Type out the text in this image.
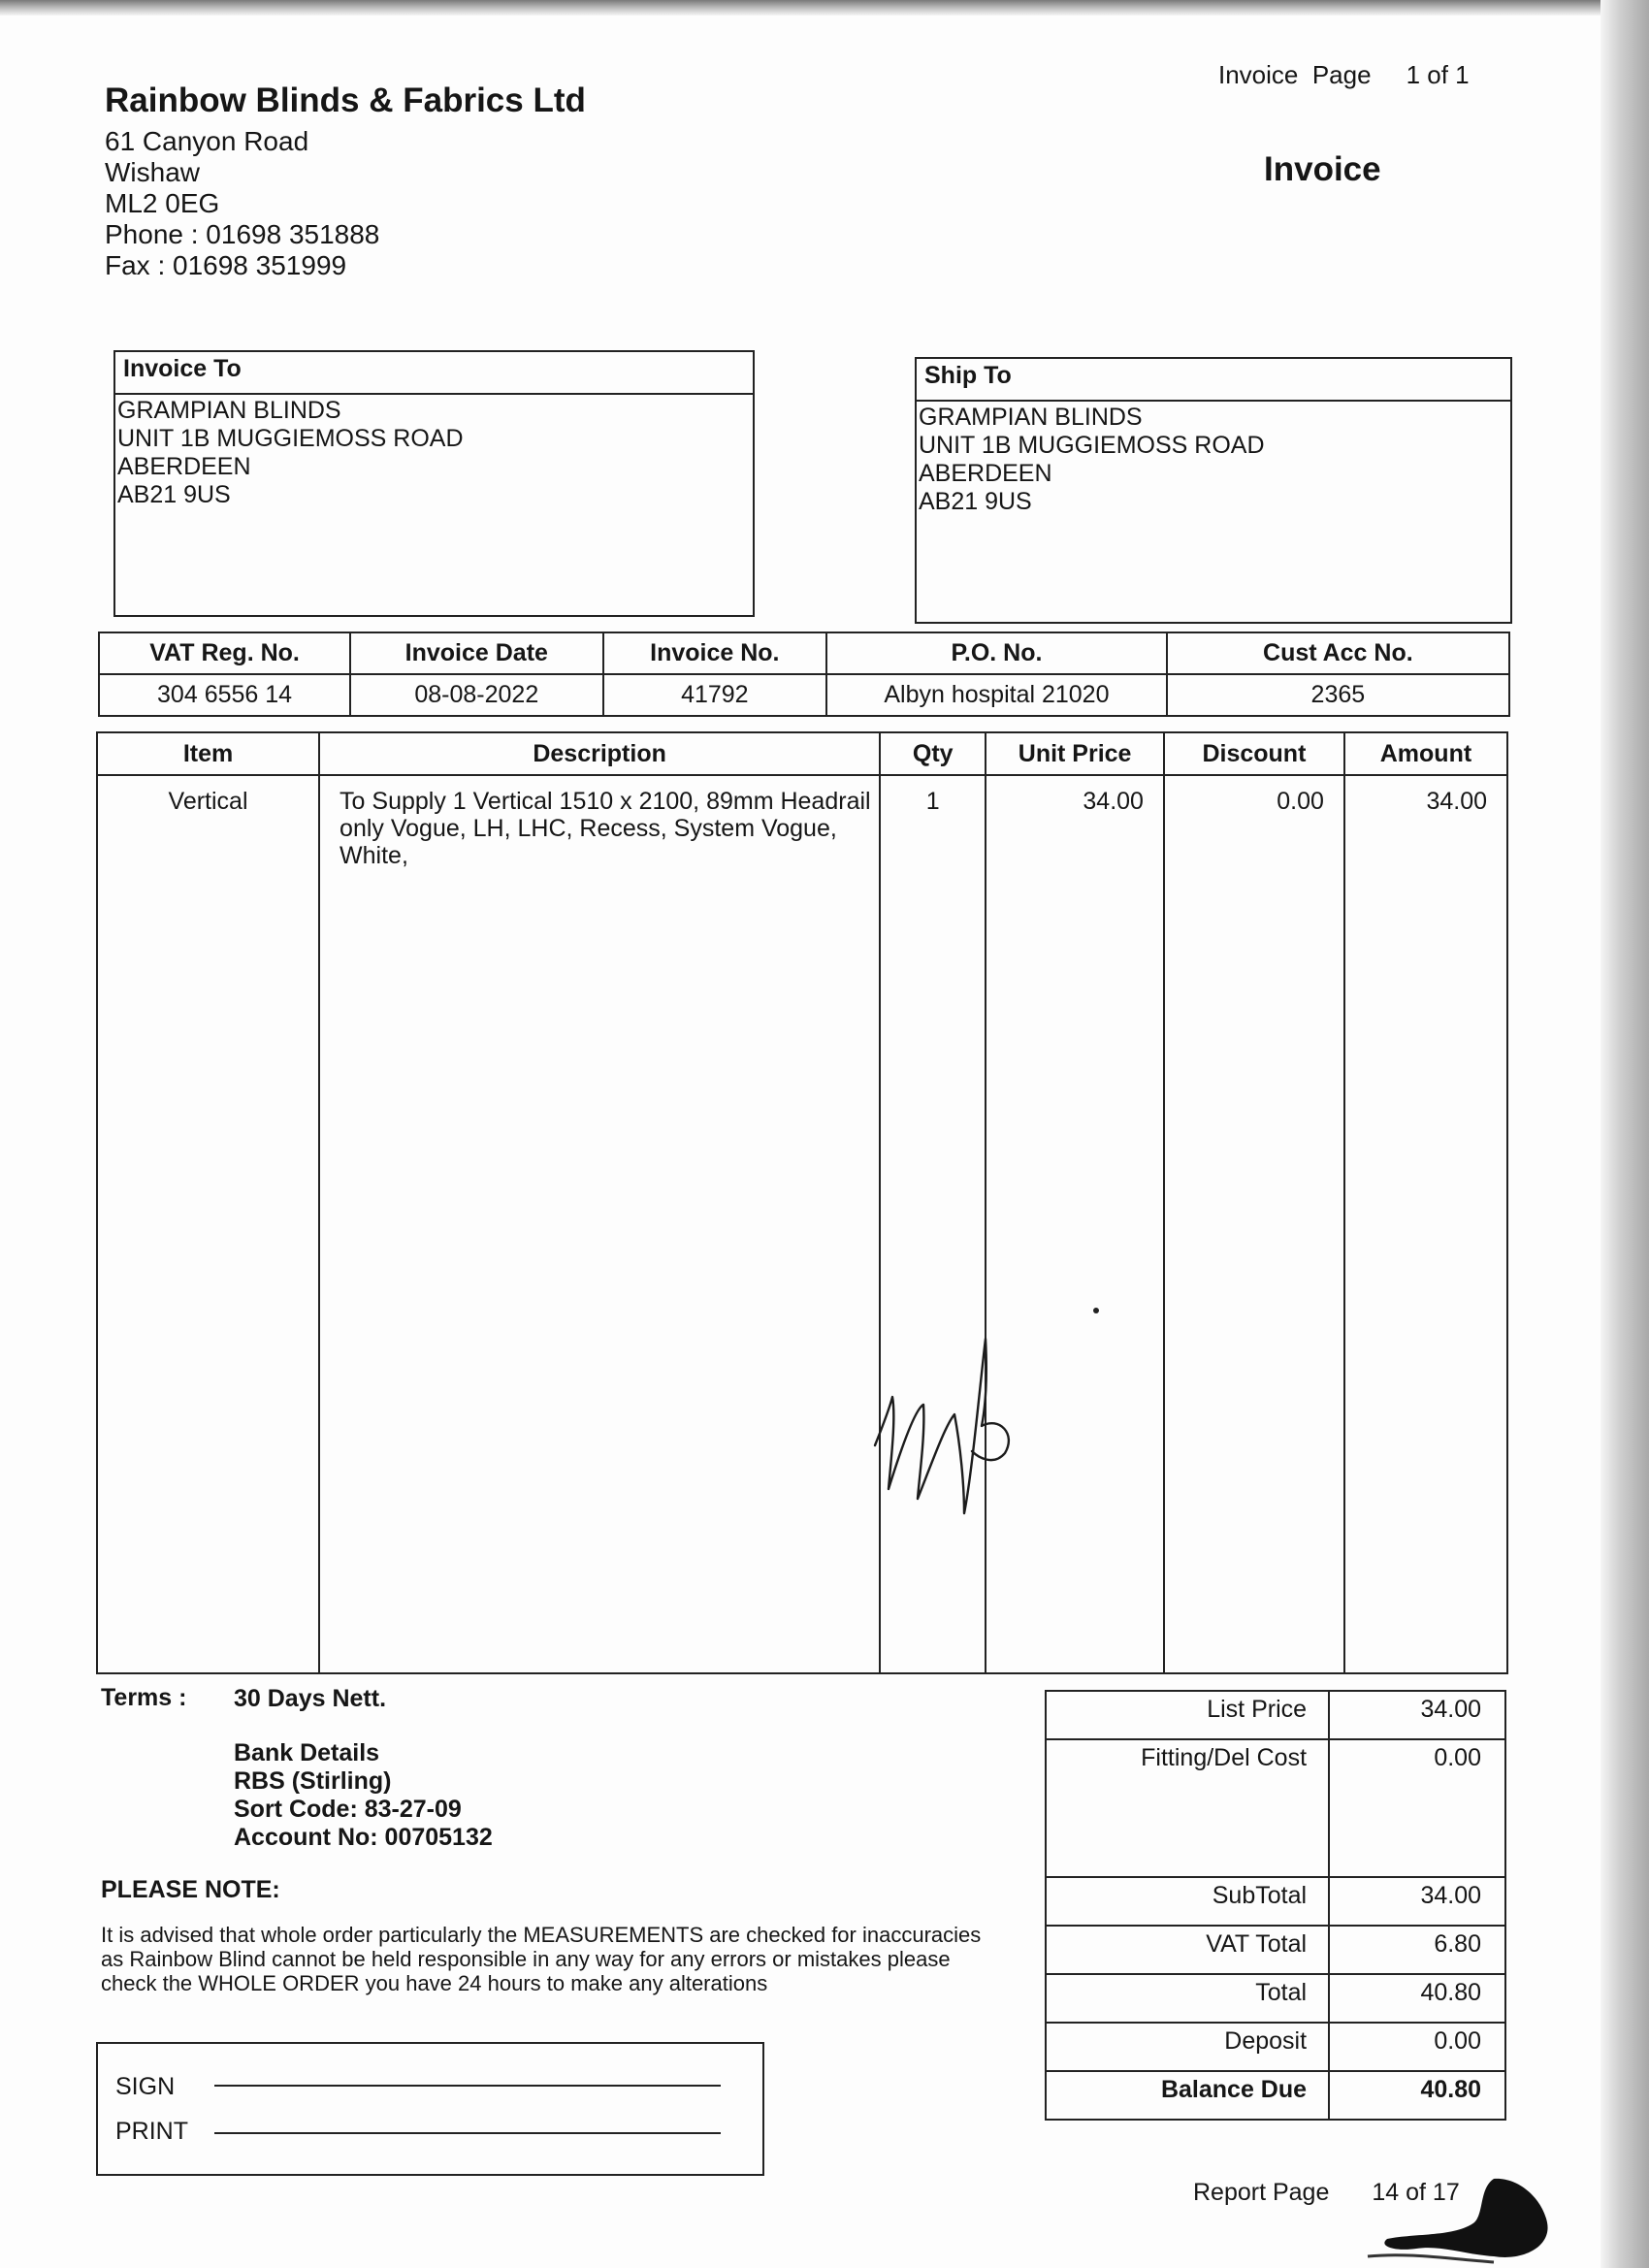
Rainbow Blinds & Fabrics Ltd
61 Canyon Road
Wishaw
ML2 0EG
Phone : 01698 351888
Fax : 01698 351999
Invoice  Page 1 of 1
Invoice
Invoice To
GRAMPIAN BLINDS
UNIT 1B MUGGIEMOSS ROAD
ABERDEEN
AB21 9US
Ship To
GRAMPIAN BLINDS
UNIT 1B MUGGIEMOSS ROAD
ABERDEEN
AB21 9US
VAT Reg. No.	Invoice Date	Invoice No.	P.O. No.	Cust Acc No.
304 6556 14	08-08-2022	41792	Albyn hospital 21020	2365
Item	Description	Qty	Unit Price	Discount	Amount
Vertical	To Supply 1 Vertical 1510 x 2100, 89mm Headrail only Vogue, LH, LHC, Recess, System Vogue, White,	1	34.00	0.00	34.00
Terms : 30 Days Nett.
Bank Details
RBS (Stirling)
Sort Code: 83-27-09
Account No: 00705132
PLEASE NOTE:
It is advised that whole order particularly the MEASUREMENTS are checked for inaccuracies as Rainbow Blind cannot be held responsible in any way for any errors or mistakes please check the WHOLE ORDER you have 24 hours to make any alterations
List Price	34.00
Fitting/Del Cost	0.00
SubTotal	34.00
VAT Total	6.80
Total	40.80
Deposit	0.00
Balance Due	40.80
SIGN
PRINT
Report Page 14 of 17
